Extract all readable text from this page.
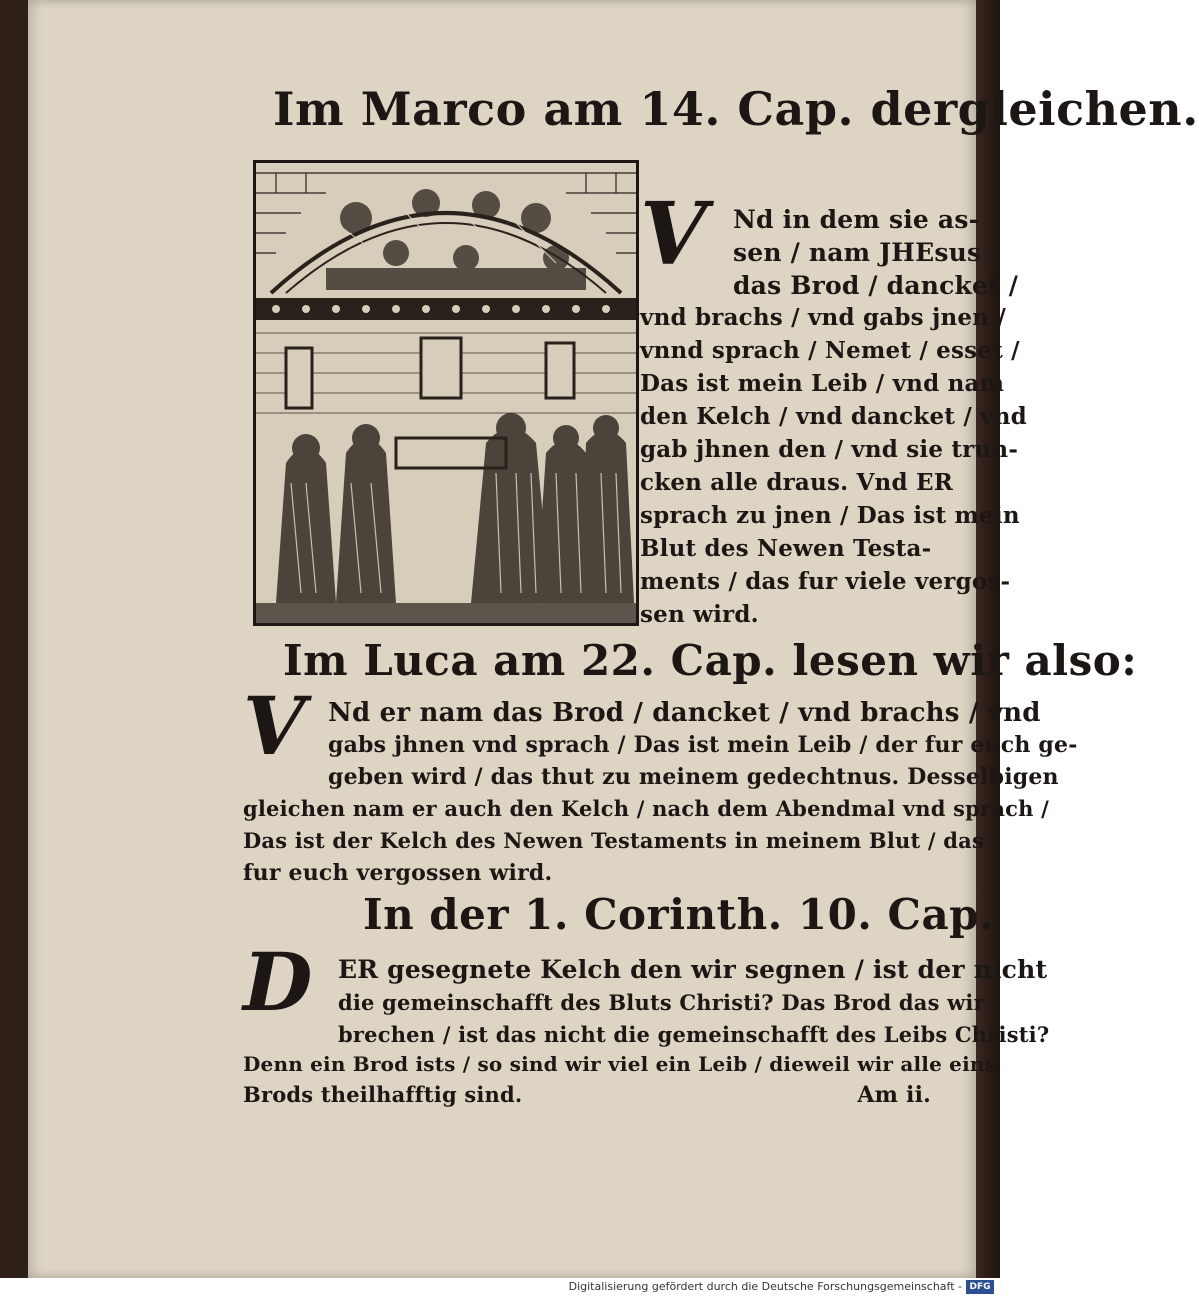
Im Marco am 14. Cap. dergleichen.
V Nd in dem sie as-
sen / nam JHEsus
das Brod / dancket /
vnd brachs / vnd gabs jnen /
vnnd sprach / Nemet / esset /
Das ist mein Leib / vnd nam
den Kelch / vnd dancket / vnd
gab jhnen den / vnd sie trun-
cken alle draus. Vnd ER
sprach zu jnen / Das ist mein
Blut des Newen Testa-
ments / das fur viele vergos-
sen wird.
Im Luca am 22. Cap. lesen wir also:
V Nd er nam das Brod / dancket / vnd brachs / vnd
gabs jhnen vnd sprach / Das ist mein Leib / der fur euch ge-
geben wird / das thut zu meinem gedechtnus. Desselbigen
gleichen nam er auch den Kelch / nach dem Abendmal vnd sprach /
Das ist der Kelch des Newen Testaments in meinem Blut / das
fur euch vergossen wird.
In der 1. Corinth. 10. Cap.
D ER gesegnete Kelch den wir segnen / ist der nicht
die gemeinschafft des Bluts Christi? Das Brod das wir
brechen / ist das nicht die gemeinschafft des Leibs Christi?
Denn ein Brod ists / so sind wir viel ein Leib / dieweil wir alle eins
Brods theilhafftig sind.	Am ii.
Digitalisierung gefördert durch die Deutsche Forschungsgemeinschaft - DFG
